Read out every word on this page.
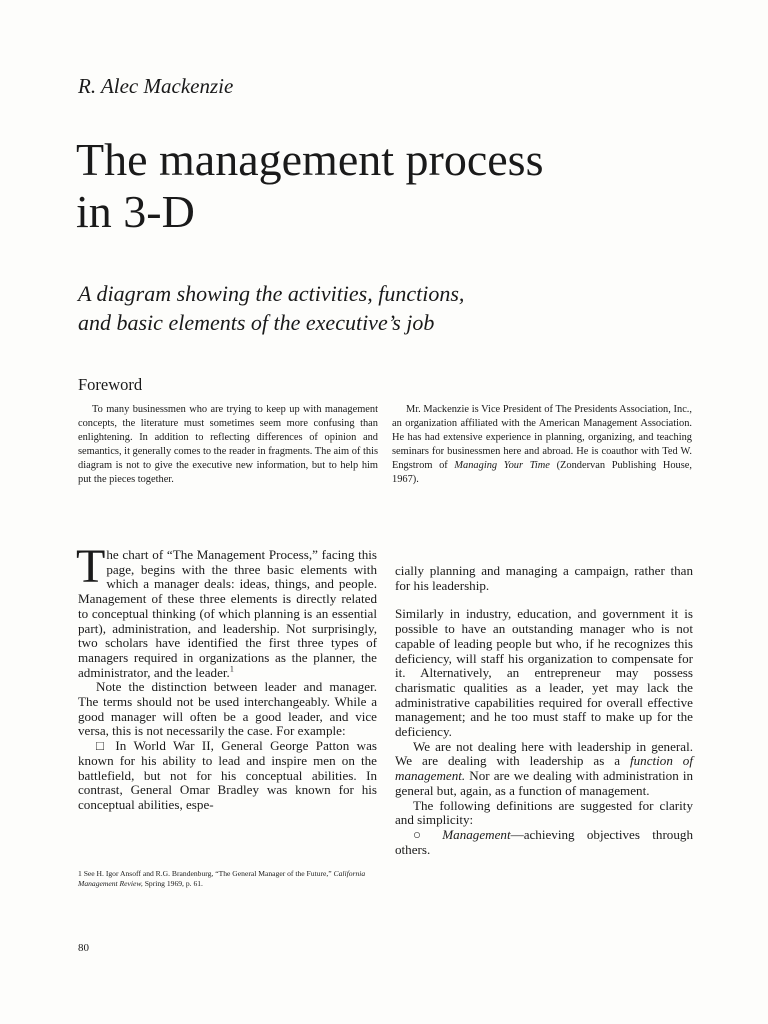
R. Alec Mackenzie
The management process
in 3-D
A diagram showing the activities, functions,
and basic elements of the executive’s job
Foreword

To many businessmen who are trying to keep up with management concepts, the literature must sometimes seem more confusing than enlightening. In addition to reflecting differences of opinion and semantics, it generally comes to the reader in fragments. The aim of this diagram is not to give the executive new information, but to help him put the pieces together.

Mr. Mackenzie is Vice President of The Presidents Association, Inc., an organization affiliated with the American Management Association. He has had extensive experience in planning, organizing, and teaching seminars for businessmen here and abroad. He is coauthor with Ted W. Engstrom of Managing Your Time (Zondervan Publishing House, 1967).

The chart of “The Management Process,” facing this page, begins with the three basic elements with which a manager deals: ideas, things, and people. Management of these three elements is directly related to conceptual thinking (of which planning is an essential part), administration, and leadership. Not surprisingly, two scholars have identified the first three types of managers required in organizations as the planner, the administrator, and the leader.$^1$

Note the distinction between leader and manager. The terms should not be used interchangeably. While a good manager will often be a good leader, and vice versa, this is not necessarily the case. For example:

□ In World War II, General George Patton was known for his ability to lead and inspire men on the battlefield, but not for his conceptual abilities. In contrast, General Omar Bradley was known for his conceptual abilities, espe-

cially planning and managing a campaign, rather than for his leadership.

Similarly in industry, education, and government it is possible to have an outstanding manager who is not capable of leading people but who, if he recognizes this deficiency, will staff his organization to compensate for it. Alternatively, an entrepreneur may possess charismatic qualities as a leader, yet may lack the administrative capabilities required for overall effective management; and he too must staff to make up for the deficiency.

We are not dealing here with leadership in general. We are dealing with leadership as a function of management. Nor are we dealing with administration in general but, again, as a function of management.

The following definitions are suggested for clarity and simplicity:

○ Management—achieving objectives through others.

1 See H. Igor Ansoff and R.G. Brandenburg, “The General Manager of the Future,” California Management Review, Spring 1969, p. 61.
80
